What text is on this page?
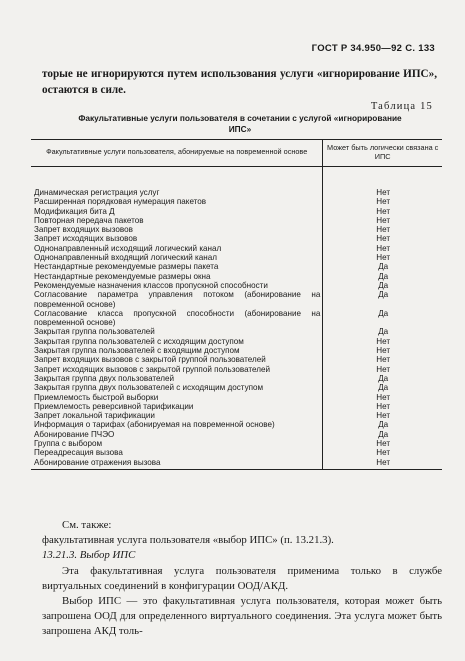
ГОСТ Р 34.950—92 С. 133

торые не игнорируются путем использования услуги «игнорирование ИПС», остаются в силе.

Таблица 15
Факультативные услуги пользователя в сочетании с услугой «игнорирование ИПС»
Факультативные услуги пользователя, абонируемые на повременной основе	Может быть логически связана с ИПС

Динамическая регистрация услуг	Нет
Расширенная порядковая нумерация пакетов	Нет
Модификация бита Д	Нет
Повторная передача пакетов	Нет
Запрет входящих вызовов	Нет
Запрет исходящих вызовов	Нет
Однонаправленный исходящий логический канал	Нет
Однонаправленный входящий логический канал	Нет
Нестандартные рекомендуемые размеры пакета	Да
Нестандартные рекомендуемые размеры окна	Да
Рекомендуемые назначения классов пропускной способности	Да
Согласование параметра управления потоком (абонирование на повременной основе)	Да
Согласование класса пропускной способности (абонирование на повременной основе)	Да
Закрытая группа пользователей	Да
Закрытая группа пользователей с исходящим доступом	Нет
Закрытая группа пользователей с входящим доступом	Нет
Запрет входящих вызовов с закрытой группой пользователей	Нет
Запрет исходящих вызовов с закрытой группой пользователей	Нет
Закрытая группа двух пользователей	Да
Закрытая группа двух пользователей с исходящим доступом	Да
Приемлемость быстрой выборки	Нет
Приемлемость реверсивной тарификации	Нет
Запрет локальной тарификации	Нет
Информация о тарифах (абонируемая на повременной основе)	Да
Абонирование ПЧЭО	Да
Группа с выбором	Нет
Переадресация вызова	Нет
Абонирование отражения вызова	Нет

См. также:

факультативная услуга пользователя «выбор ИПС» (п. 13.21.3).

13.21.3. Выбор ИПС

Эта факультативная услуга пользователя применима только в службе виртуальных соединений в конфигурации ООД/АКД.

Выбор ИПС — это факультативная услуга пользователя, которая может быть запрошена ООД для определенного виртуального соединения. Эта услуга может быть запрошена АКД толь-
